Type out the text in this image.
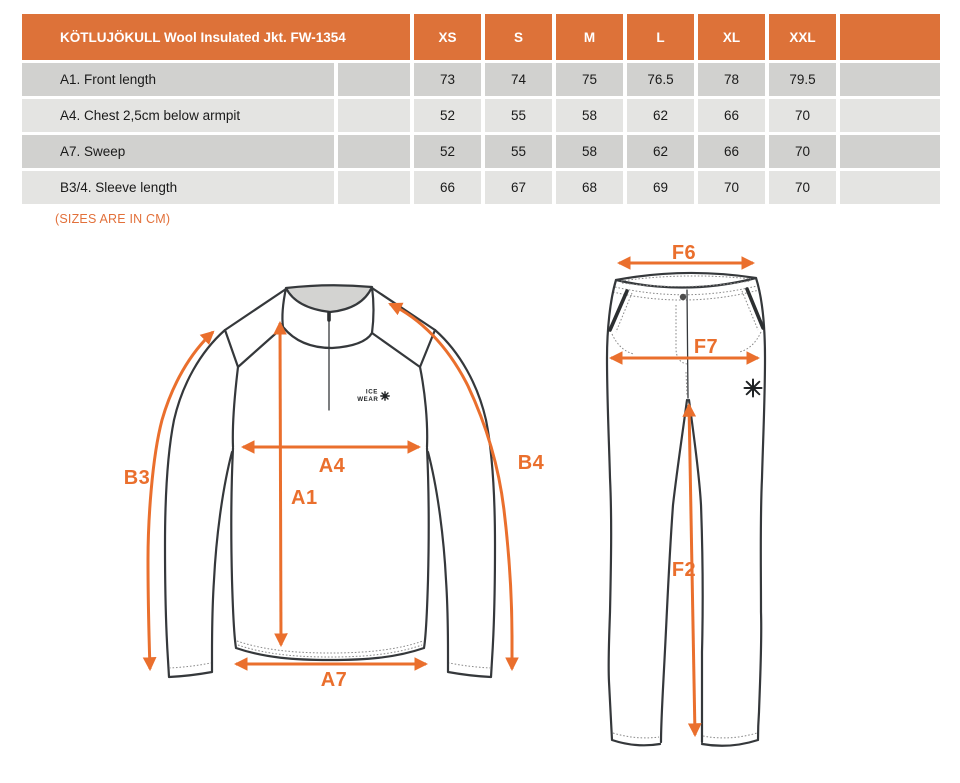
KÖTLUJÖKULL Wool Insulated Jkt. FW-1354		XS	S	M	L	XL	XXL	
A1. Front length		73	74	75	76.5	78	79.5	
A4. Chest 2,5cm below armpit		52	55	58	62	66	70	
A7. Sweep		52	55	58	62	66	70	
B3/4. Sleeve length		66	67	68	69	70	70	
(SIZES ARE IN CM)
ICE
WEAR
A4
A1
A7
B3
B4
F6
F7
F2
